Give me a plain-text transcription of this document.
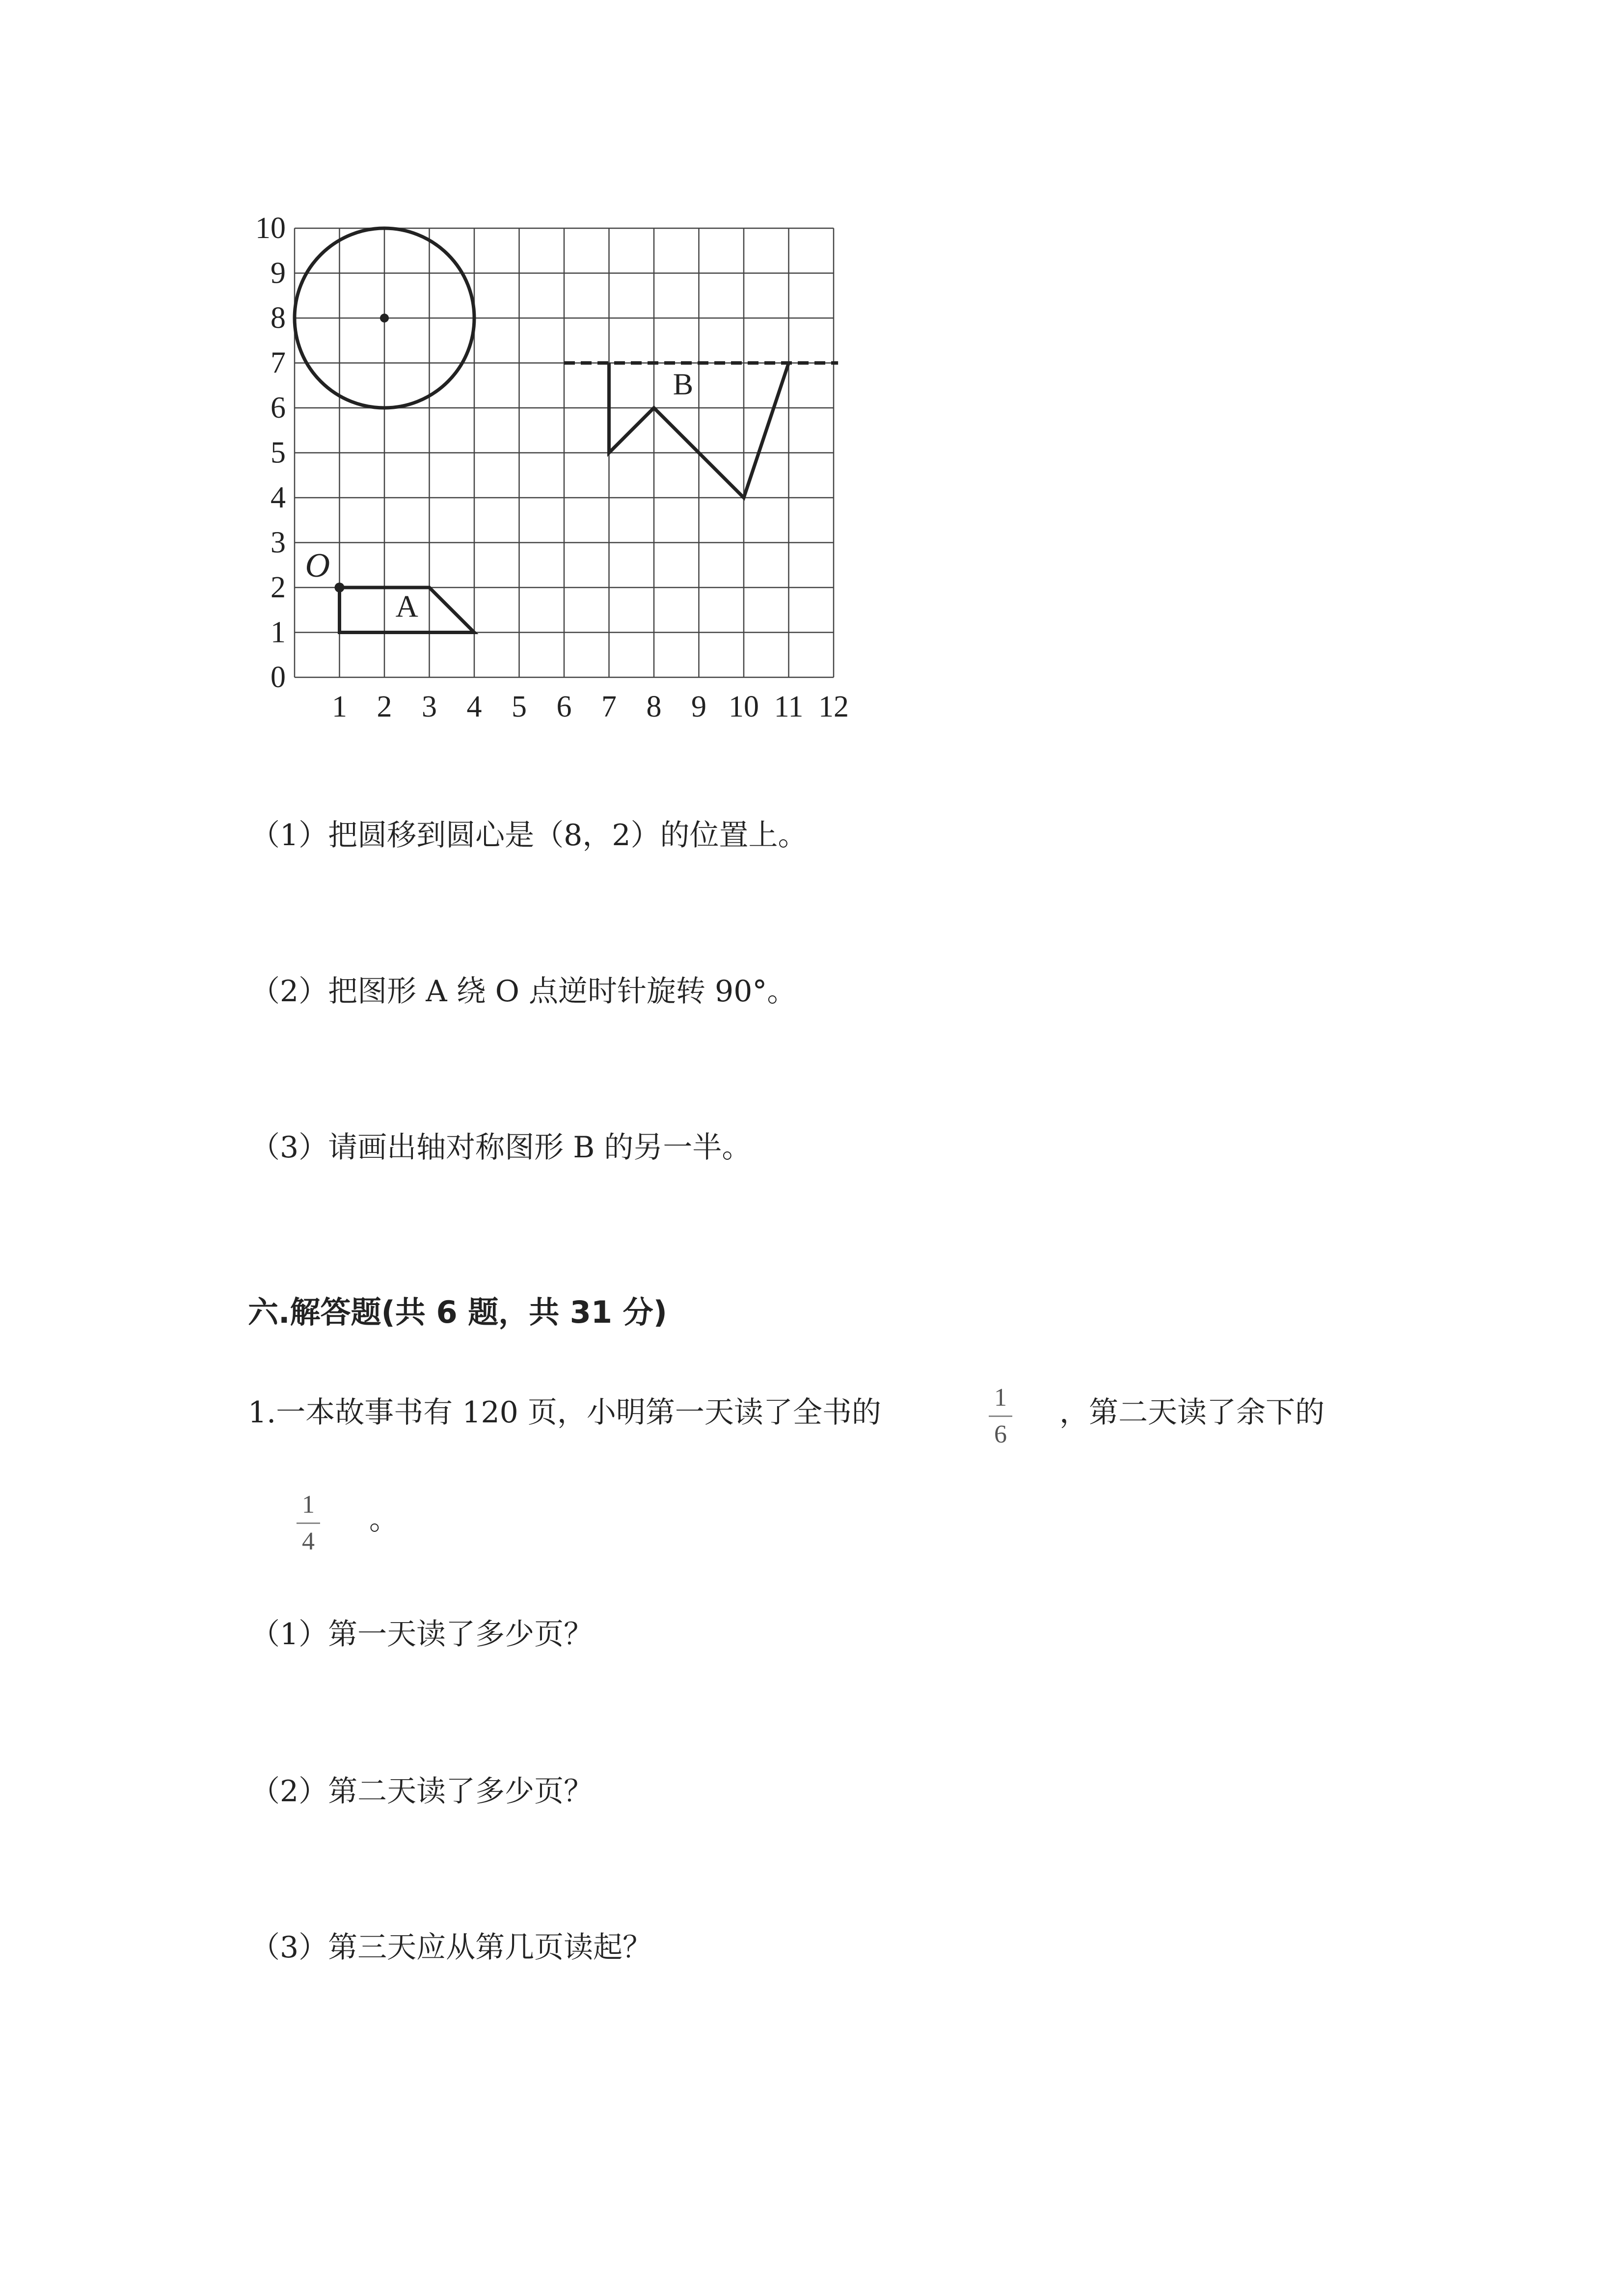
0
1
2
3
4
5
6
7
8
9
10
1 2 3 4 5 6 7 8 9 10 11 12
O
A
B
（1）把圆移到圆心是（8，2）的位置上。
（2）把图形 A 绕 O 点逆时针旋转 90°。
（3）请画出轴对称图形 B 的另一半。
六.解答题(共 6 题，共 31 分)
1.一本故事书有 120 页，小明第一天读了全书的	1
6
，第二天读了余下的
1
4
。
（1）第一天读了多少页？
（2）第二天读了多少页？
（3）第三天应从第几页读起？
